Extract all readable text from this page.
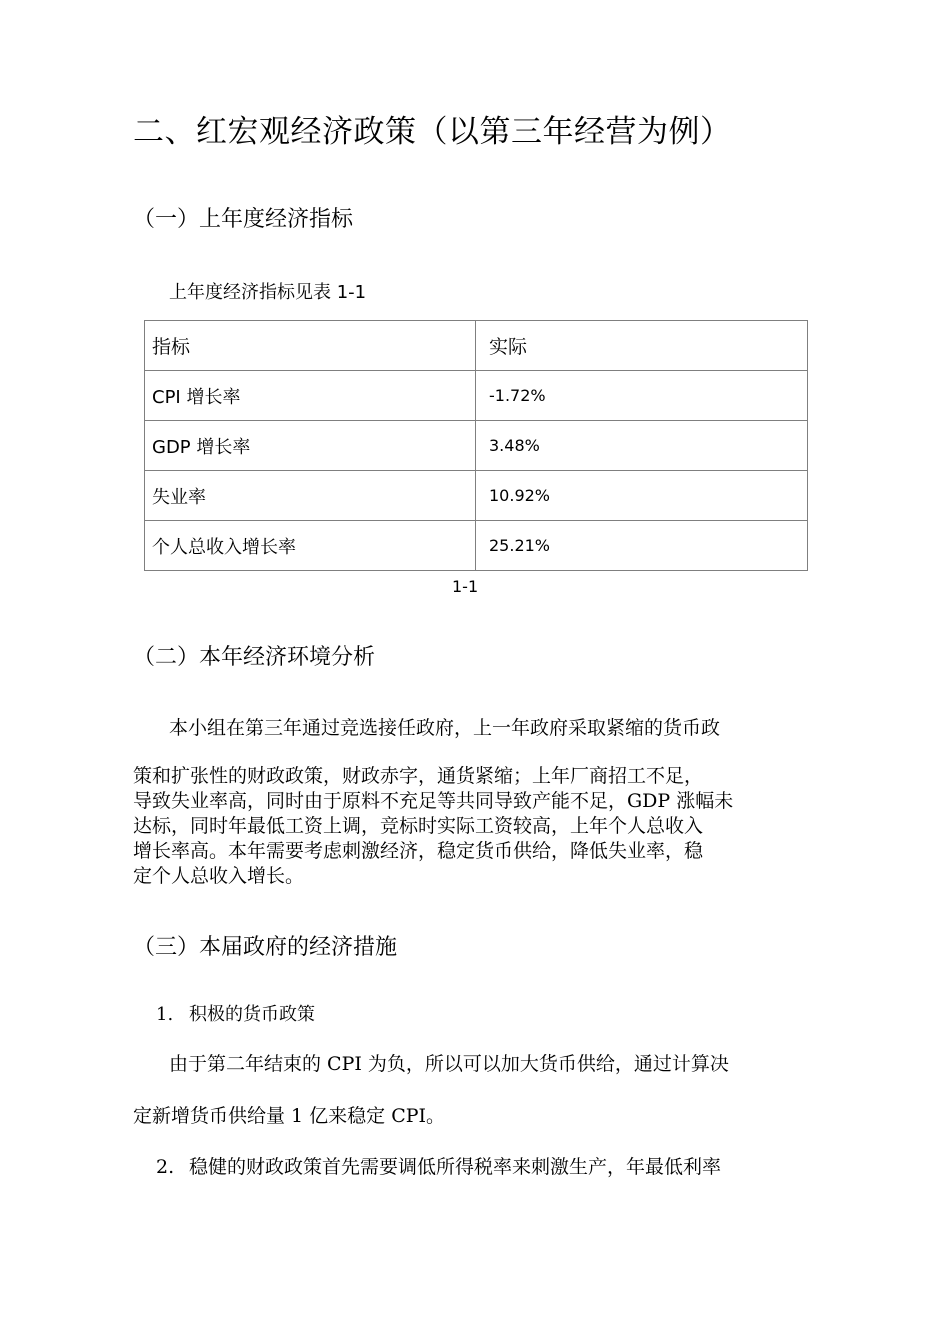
二、红宏观经济政策（以第三年经营为例）
（一）上年度经济指标
上年度经济指标见表 1-1
指标	实际
CPI 增长率	-1.72%
GDP 增长率	3.48%
失业率	10.92%
个人总收入增长率	25.21%
1-1
（二）本年经济环境分析
本小组在第三年通过竞选接任政府，上一年政府采取紧缩的货币政
策和扩张性的财政政策，财政赤字，通货紧缩；上年厂商招工不足，
导致失业率高，同时由于原料不充足等共同导致产能不足，GDP 涨幅未
达标，同时年最低工资上调，竞标时实际工资较高，上年个人总收入
增长率高。本年需要考虑刺激经济，稳定货币供给，降低失业率，稳
定个人总收入增长。
（三）本届政府的经济措施
1. 积极的货币政策
由于第二年结束的 CPI 为负，所以可以加大货币供给，通过计算决
定新增货币供给量 1 亿来稳定 CPI。
2. 稳健的财政政策首先需要调低所得税率来刺激生产，年最低利率
